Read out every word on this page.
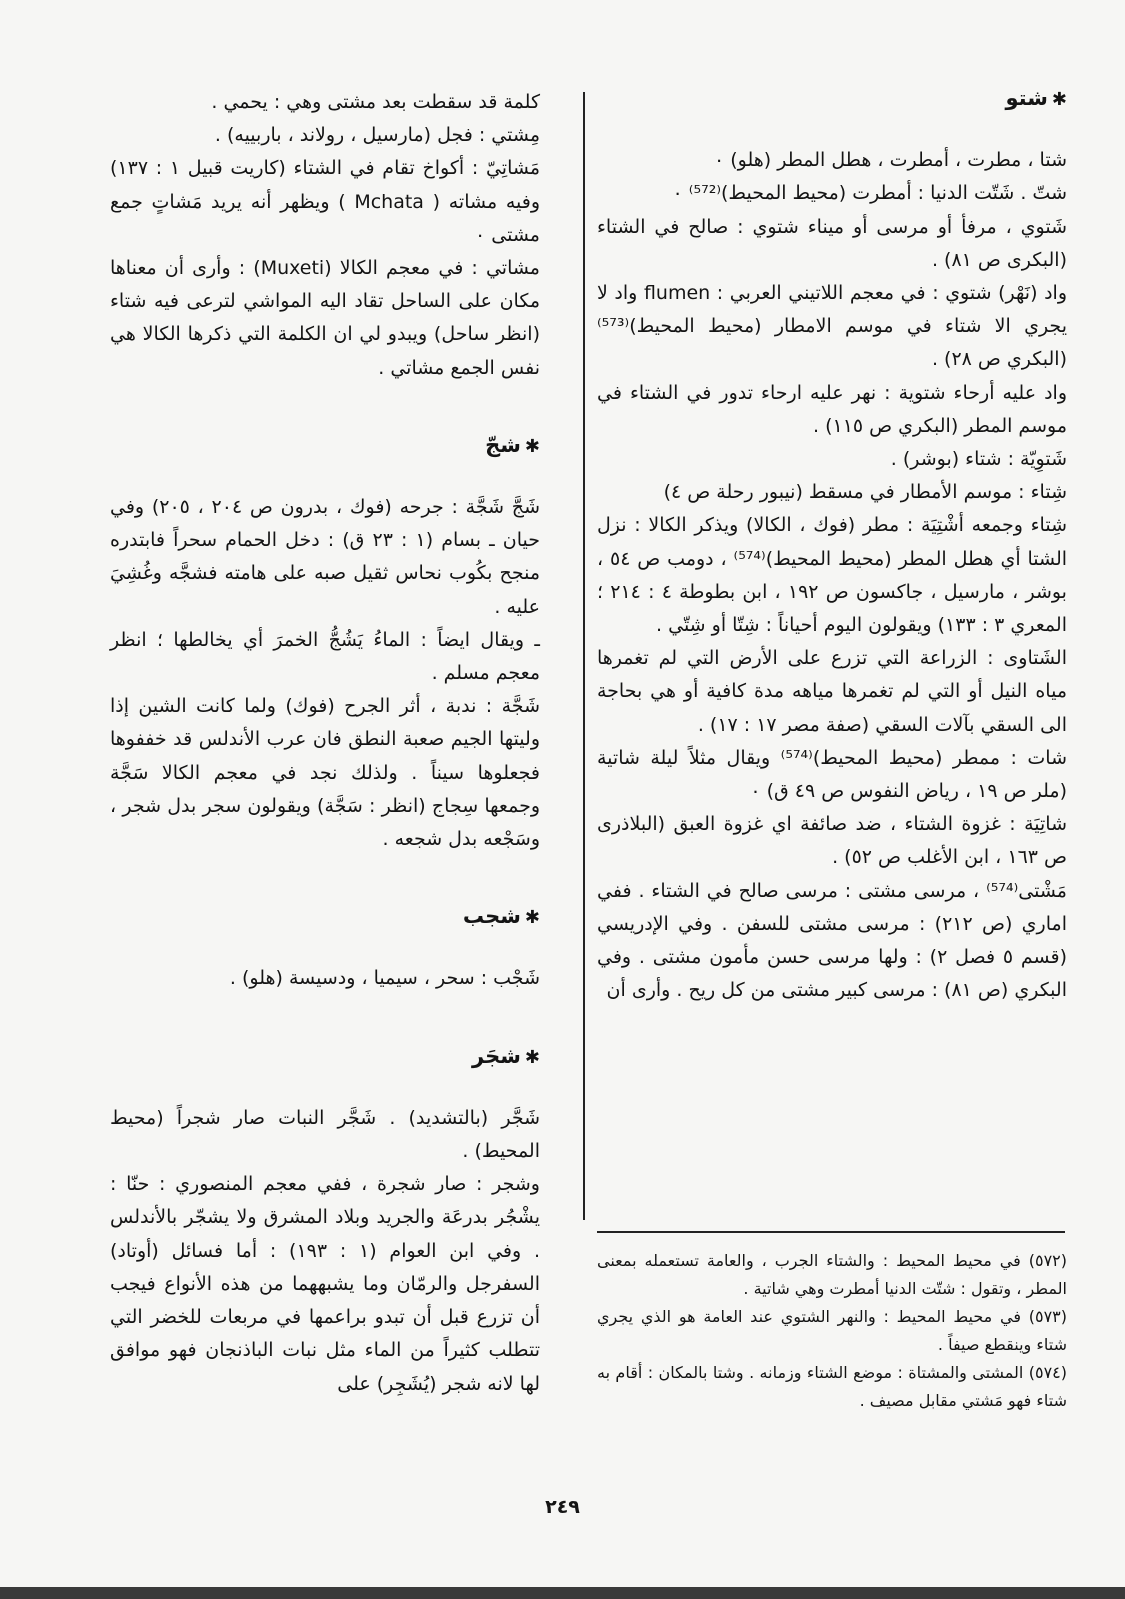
✱شتو

شتا ، مطرت ، أمطرت ، هطل المطر (هلو) ٠

شتّ . شَتّت الدنيا : أمطرت (محيط المحيط)⁽⁵⁷²⁾ ٠

شَتوي ، مرفأ أو مرسى أو ميناء شتوي : صالح في الشتاء (البكرى ص ٨١) .

واد (نَهْر) شتوي : في معجم اللاتيني العربي : flumen واد لا يجري الا شتاء في موسم الامطار (محيط المحيط)⁽⁵⁷³⁾ (البكري ص ٢٨) .

واد عليه أرحاء شتوية : نهر عليه ارحاء تدور في الشتاء في موسم المطر (البكري ص ١١٥) .

شَتوِيّة : شتاء (بوشر) .

شِتاء : موسم الأمطار في مسقط (نيبور رحلة ص ٤)

شِتاء وجمعه أشْتِيَة : مطر (فوك ، الكالا) ويذكر الكالا : نزل الشتا أي هطل المطر (محيط المحيط)⁽⁵⁷⁴⁾ ، دومب ص ٥٤ ، بوشر ، مارسيل ، جاكسون ص ١٩٢ ، ابن بطوطة ٤ : ٢١٤ ؛ المعري ٣ : ١٣٣) ويقولون اليوم أحياناً : شِتّا أو شِتّي .

الشَتاوى : الزراعة التي تزرع على الأرض التي لم تغمرها مياه النيل أو التي لم تغمرها مياهه مدة كافية أو هي بحاجة الى السقي بآلات السقي (صفة مصر ١٧ : ١٧) .

شات : ممطر (محيط المحيط)⁽⁵⁷⁴⁾ ويقال مثلاً ليلة شاتية (ملر ص ١٩ ، رياض النفوس ص ٤٩ ق) ٠

شاتِيَة : غزوة الشتاء ، ضد صائفة اي غزوة العبق (البلاذرى ص ١٦٣ ، ابن الأغلب ص ٥٢) .

مَشْتى⁽⁵⁷⁴⁾ ، مرسى مشتى : مرسى صالح في الشتاء . ففي اماري (ص ٢١٢) : مرسى مشتى للسفن . وفي الإدريسي (قسم ٥ فصل ٢) : ولها مرسى حسن مأمون مشتى . وفي البكري (ص ٨١) : مرسى كبير مشتى من كل ريح . وأرى أن

كلمة قد سقطت بعد مشتى وهي : يحمي .

مِشتي : فجل (مارسيل ، رولاند ، باربييه) .

مَشاتِيّ : أكواخ تقام في الشتاء (كاريت قبيل ١ : ١٣٧) وفيه مشاته ( Mchata ) ويظهر أنه يريد مَشاتٍ جمع مشتى ٠

مشاتي : في معجم الكالا (Muxeti) : وأرى أن معناها مكان على الساحل تقاد اليه المواشي لترعى فيه شتاء (انظر ساحل) ويبدو لي ان الكلمة التي ذكرها الكالا هي نفس الجمع مشاتي .

✱شجّ

شَجَّ شَجَّة : جرحه (فوك ، بدرون ص ٢٠٤ ، ٢٠٥) وفي حيان ـ بسام (١ : ٢٣ ق) : دخل الحمام سحراً فابتدره منجح بكُوب نحاس ثقيل صبه على هامته فشجَّه وغُشِيَ عليه .

ـ ويقال ايضاً : الماءُ يَشُجُّ الخمرَ أي يخالطها ؛ انظر معجم مسلم .

شَجَّة : ندبة ، أثر الجرح (فوك) ولما كانت الشين إذا وليتها الجيم صعبة النطق فان عرب الأندلس قد خففوها فجعلوها سيناً . ولذلك نجد في معجم الكالا سَجَّة وجمعها سِجاج (انظر : سَجَّة) ويقولون سجر بدل شجر ، وسَجْعه بدل شجعه .

✱شجب

شَجْب : سحر ، سيميا ، ودسيسة (هلو) .

✱شجَر

شَجَّر (بالتشديد) . شَجَّر النبات صار شجراً (محيط المحيط) .

وشجر : صار شجرة ، ففي معجم المنصوري : حنّا : يشْجُر بدرعَة والجريد وبلاد المشرق ولا يشجّر بالأندلس . وفي ابن العوام (١ : ١٩٣) : أما فسائل (أوتاد) السفرجل والرمّان وما يشبههما من هذه الأنواع فيجب أن تزرع قبل أن تبدو براعمها في مربعات للخضر التي تتطلب كثيراً من الماء مثل نبات الباذنجان فهو موافق لها لانه شجر (يُشَجِر) على

(٥٧٢) في محيط المحيط : والشتاء الجرب ، والعامة تستعمله بمعنى المطر ، وتقول : شتّت الدنيا أمطرت وهي شاتية .

(٥٧٣) في محيط المحيط : والنهر الشتوي عند العامة هو الذي يجري شتاء وينقطع صيفاً .

(٥٧٤) المشتى والمشتاة : موضع الشتاء وزمانه . وشتا بالمكان : أقام به شتاء فهو مَشتي مقابل مصيف .

٢٤٩
